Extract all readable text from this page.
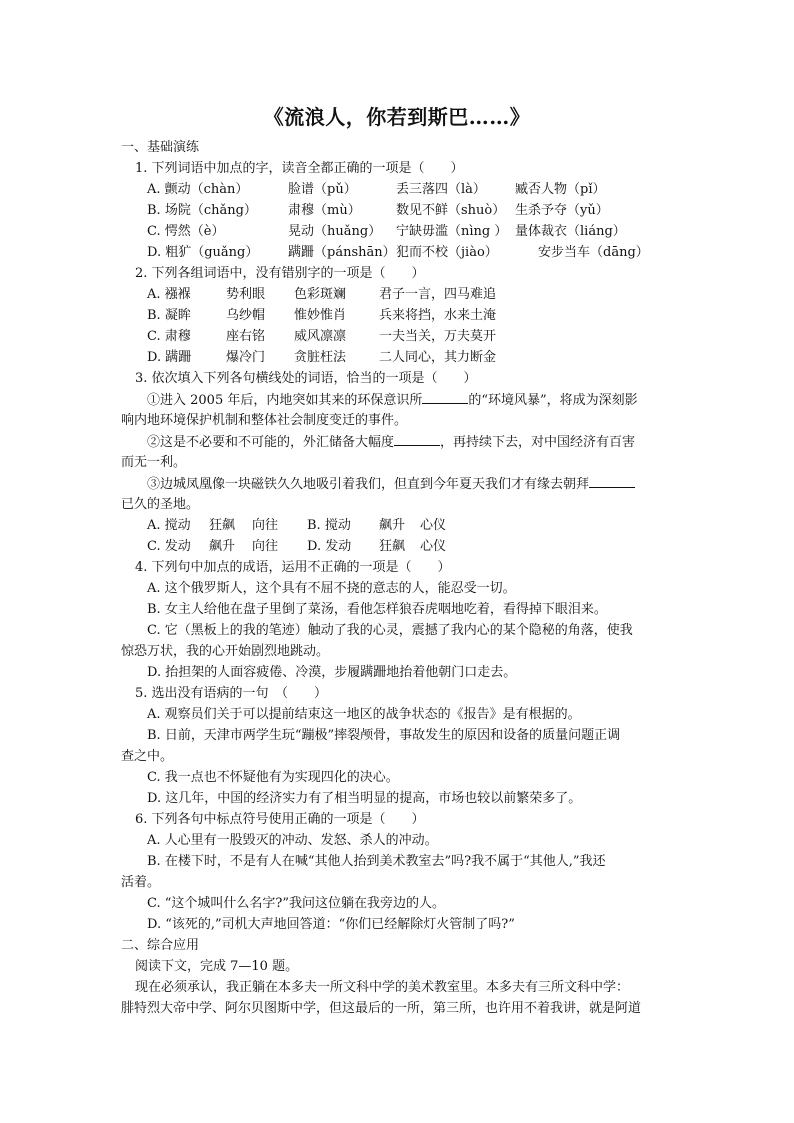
《流浪人，你若到斯巴……》
一、基础演练
1. 下列词语中加点的字，读音全都正确的一项是（　　）
A. 颤动（chàn）	脸谱（pǔ）	丢三落四（là） 臧否人物（pǐ）
B. 场院（chǎng） 肃穆（mù）	数见不鲜（shuò） 生杀予夺（yǔ）
C. 愕然（è）	晃动（huǎng） 宁缺毋滥（nìng ） 量体裁衣（liáng）
D. 粗犷（guǎng） 蹒跚（pánshān） 犯而不校（jiào）	安步当车（dāng）
2. 下列各组词语中，没有错别字的一项是（　　）
A. 襁褓	势利眼 色彩斑斓	君子一言，四马难追
B. 凝眸	乌纱帽 惟妙惟肖	兵来将挡，水来土淹
C. 肃穆	座右铭 威风凛凛	一夫当关，万夫莫开
D. 蹒跚	爆冷门 贪脏枉法	二人同心，其力断金
3. 依次填入下列各句横线处的词语，恰当的一项是（　　）
①进入 2005 年后，内地突如其来的环保意识所	的“环境风暴”，将成为深刻影
响内地环境保护机制和整体社会制度变迁的事件。
②这是不必要和不可能的，外汇储备大幅度	，再持续下去，对中国经济有百害
而无一利。
③边城凤凰像一块磁铁久久地吸引着我们，但直到今年夏天我们才有缘去朝拜
已久的圣地。
A. 搅动 狂飙 向往 B. 搅动 飙升 心仪
C. 发动 飙升 向往 D. 发动 狂飙 心仪
4. 下列句中加点的成语，运用不正确的一项是（　　）
A. 这个俄罗斯人，这个具有不屈不挠的意志的人，能忍受一切。
B. 女主人给他在盘子里倒了菜汤，看他怎样狼吞虎咽地吃着，看得掉下眼泪来。
C. 它（黑板上的我的笔迹）触动了我的心灵，震撼了我内心的某个隐秘的角落，使我
惊恐万状，我的心开始剧烈地跳动。
D. 抬担架的人面容疲倦、冷漠，步履蹒跚地抬着他朝门口走去。
5. 选出没有语病的一句　（　　）
A. 观察员们关于可以提前结束这一地区的战争状态的《报告》是有根据的。
B. 日前，天津市两学生玩“蹦极”摔裂颅骨，事故发生的原因和设备的质量问题正调
查之中。
C. 我一点也不怀疑他有为实现四化的决心。
D. 这几年，中国的经济实力有了相当明显的提高，市场也较以前繁荣多了。
6. 下列各句中标点符号使用正确的一项是（　　）
A. 人心里有一股毁灭的冲动、发怒、杀人的冲动。
B. 在楼下时，不是有人在喊“其他人抬到美术教室去”吗?我不属于“其他人,”我还
活着。
C. “这个城叫什么名字?”我问这位躺在我旁边的人。
D. “该死的,”司机大声地回答道：“你们已经解除灯火管制了吗?”
二、综合应用
阅读下文，完成 7—10 题。
现在必须承认，我正躺在本多夫一所文科中学的美术教室里。本多夫有三所文科中学：
腓特烈大帝中学、阿尔贝图斯中学，但这最后的一所，第三所，也许用不着我讲，就是阿道
